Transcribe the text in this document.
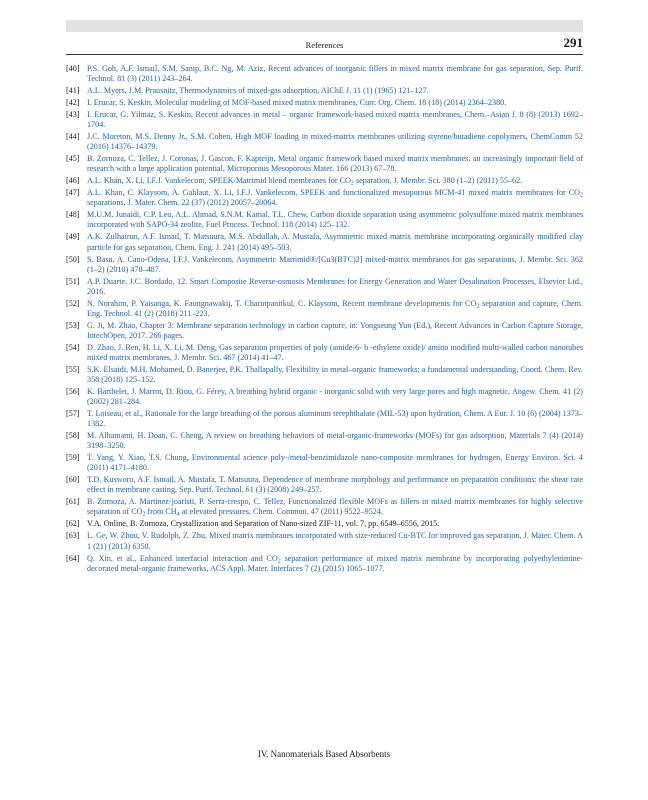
References	291
[40] P.S. Goh, A.F. Ismail, S.M. Sanip, B.C. Ng, M. Aziz, Recent advances of inorganic fillers in mixed matrix membrane for gas separation, Sep. Purif. Technol. 81 (3) (2011) 243–264.
[41] A.L. Myers, J.M. Prausnitz, Thermodynamics of mixed-gas adsorption, AIChE J. 11 (1) (1965) 121–127.
[42] I. Erucar, S. Keskin, Molecular modeling of MOF-based mixed matrix membranes, Curr. Org. Chem. 18 (18) (2014) 2364–2380.
[43] I. Erucar, G. Yilmaz, S. Keskin, Recent advances in metal – organic framework-based mixed matrix membranes, Chem.–Asian J. 8 (8) (2013) 1692–1704.
[44] J.C. Moreton, M.S. Denny Jr., S.M. Cohen, High MOF loading in mixed-matrix membranes utilizing styrene/butadiene copolymers, ChemComm 52 (2016) 14376–14379.
[45] B. Zornoza, C. Tellez, J. Coronas, J. Gascon, F. Kapteijn, Metal organic framework based mixed matrix membranes: an increasingly important field of research with a large application potential, Microporous Mesoporous Mater. 166 (2013) 67–78.
[46] A.L. Khan, X. Li, I.F.J. Vankelecom, SPEEK/Matrimid blend membranes for $CO_2$ separation, J. Membr. Sci. 380 (1–2) (2011) 55–62.
[47] A.L. Khan, C. Klaysom, A. Gahlaut, X. Li, I.F.J. Vankelecom, SPEEK and functionalized mesoporous MCM-41 mixed matrix membranes for $CO_2$ separations, J. Mater. Chem. 22 (37) (2012) 20057–20064.
[48] M.U.M. Junaidi, C.P. Leo, A.L. Ahmad, S.N.M. Kamal, T.L. Chew, Carbon dioxide separation using asymmetric polysulfone mixed matrix membranes incorporated with SAPO-34 zeolite, Fuel Process. Technol. 118 (2014) 125–132.
[49] A.K. Zulhairun, A.F. Ismail, T. Matsuura, M.S. Abdullah, A. Mustafa, Asymmetric mixed matrix membrane incorporating organically modified clay particle for gas separation, Chem. Eng. J. 241 (2014) 495–503.
[50] S. Basu, A. Cano-Odena, I.F.J. Vankelecom, Asymmetric Matrimid®/[Cu3(BTC)2] mixed-matrix membranes for gas separations, J. Membr. Sci. 362 (1–2) (2010) 478–487.
[51] A.P. Duarte, J.C. Bordado, 12. Smart Composite Reverse-osmosis Membranes for Energy Generation and Water Desalination Processes, Elsevier Ltd., 2016.
[52] N. Norahim, P. Yaisanga, K. Faungnawakij, T. Charinpanitkul, C. Klaysom, Recent membrane developments for $CO_2$ separation and capture, Chem. Eng. Technol. 41 (2) (2018) 211–223.
[53] G. Ji, M. Zhao, Chapter 3: Membrane separation technology in carbon capture, in: Yongseung Yun (Ed.), Recent Advances in Carbon Capture Storage, IntechOpen, 2017. 266 pages.
[54] D. Zhao, J. Ren, H. Li, X. Li, M. Deng, Gas separation properties of poly (amide-6- b -ethylene oxide)/ amino modified multi-walled carbon nanotubes mixed matrix membranes, J. Membr. Sci. 467 (2014) 41–47.
[55] S.K. Elsaidi, M.H. Mohamed, D. Banerjee, P.K. Thallapally, Flexibility in metal–organic frameworks: a fundamental understanding, Coord. Chem. Rev. 358 (2018) 125–152.
[56] K. Barthelet, J. Marrot, D. Riou, G. Férey, A breathing hybrid organic - inorganic solid with very large pores and high magnetic, Angew. Chem. 41 (2) (2002) 281–284.
[57] T. Loiseau, et al., Rationale for the large breathing of the porous aluminum terephthalate (MIL-53) upon hydration, Chem. A Eur. J. 10 (6) (2004) 1373–1382.
[58] M. Alhamami, H. Doan, C. Cheng, A review on breathing behaviors of metal-organic-frameworks (MOFs) for gas adsorption, Materials 7 (4) (2014) 3198–3250.
[59] T. Yang, Y. Xiao, T.S. Chung, Environmental science poly-/metal-benzimidazole nano-composite membranes for hydrogen, Energy Environ. Sci. 4 (2011) 4171–4180.
[60] T.D. Kusworo, A.F. Ismail, A. Mustafa, T. Matsuura, Dependence of membrane morphology and performance on preparation conditions: the shear rate effect in membrane casting, Sep. Purif. Technol. 61 (3) (2008) 249–257.
[61] B. Zornoza, A. Martinez-joaristi, P. Serra-crespo, C. Tellez, Functionalized flexible MOFs as fillers in mixed matrix membranes for highly selective separation of $CO_2$ from $CH_4$ at elevated pressures, Chem. Commun. 47 (2011) 9522–9524.
[62] V.A. Online, B. Zornoza, Crystallization and Separation of Nano-sized ZIF-11, vol. 7, pp. 6549–6556, 2015.
[63] L. Ge, W. Zhou, V. Rudolph, Z. Zhu, Mixed matrix membranes incorporated with size-reduced Cu-BTC for improved gas separation, J. Mater. Chem. A 1 (21) (2013) 6350.
[64] Q. Xin, et al., Enhanced interfacial interaction and $CO_2$ separation performance of mixed matrix membrane by incorporating polyethylenimine-decorated metal-organic frameworks, ACS Appl. Mater. Interfaces 7 (2) (2015) 1065–1077.
IV. Nanomaterials Based Absorbents
